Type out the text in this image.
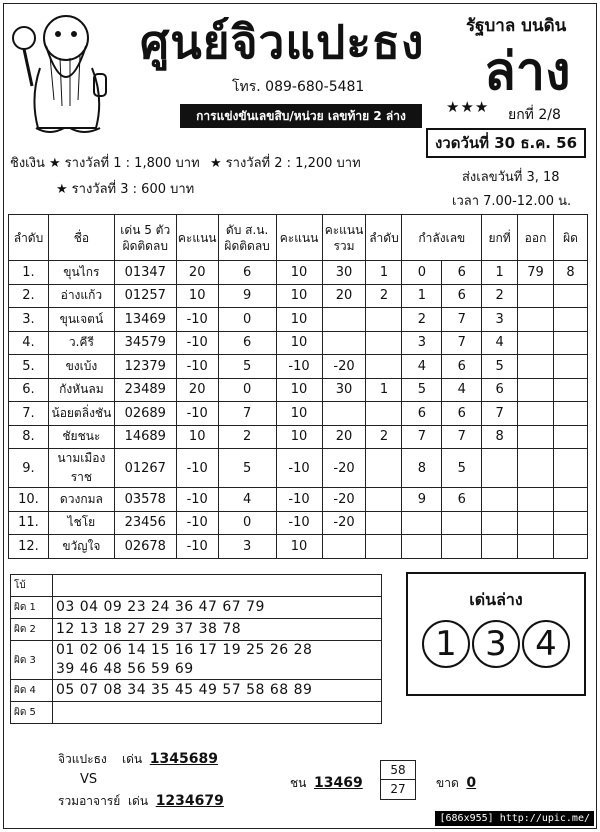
ศูนย์จิวแปะธง
โทร. 089-680-5481
รัฐบาล บนดิน
ล่าง
★★★ ยกที่ 2/8
การแข่งขันเลขสิบ/หน่วย เลขท้าย 2 ล่าง
งวดวันที่ 30 ธ.ค. 56
ชิงเงิน ★ รางวัลที่ 1 : 1,800 บาท ★ รางวัลที่ 2 : 1,200 บาท
★ รางวัลที่ 3 : 600 บาท
ส่งเลขวันที่ 3, 18
เวลา 7.00-12.00 น.
ลำดับ	ชื่อ	เด่น 5 ตัว ผิดติดลบ	คะแนน	ดับ ส.น. ผิดติดลบ	คะแนน	คะแนน รวม	ลำดับ	กำลังเลข		ยกที่	ออก	ผิด
1.	ขุนไกร	01347	20	6	10	30	1	0	6	1	79	8
2.	อ่างแก้ว	01257	10	9	10	20	2	1	6	2		
3.	ขุนเจตน์	13469	-10	0	10			2	7	3		
4.	ว.คีรี	34579	-10	6	10			3	7	4		
5.	ขงเบ้ง	12379	-10	5	-10	-20		4	6	5		
6.	กังหันลม	23489	20	0	10	30	1	5	4	6		
7.	น้อยตลิ่งชัน	02689	-10	7	10			6	6	7		
8.	ชัยชนะ	14689	10	2	10	20	2	7	7	8		
9.	นามเมืองราช	01267	-10	5	-10	-20		8	5			
10.	ดวงกมล	03578	-10	4	-10	-20		9	6			
11.	ไชโย	23456	-10	0	-10	-20						
12.	ขวัญใจ	02678	-10	3	10							
โบ้	
ผิด 1	03 04 09 23 24 36 47 67 79
ผิด 2	12 13 18 27 29 37 38 78
ผิด 3	01 02 06 14 15 16 17 19 25 26 28
39 46 48 56 59 69
ผิด 4	05 07 08 34 35 45 49 57 58 68 89
ผิด 5	
เด่นล่าง
1 3 4
จิวแปะธง เด่น 1345689
VS
รวมอาจารย์ เด่น 1234679
ชน $13469 \frac{58}{27}$ ขาด 0
[686x955] http://upic.me/
